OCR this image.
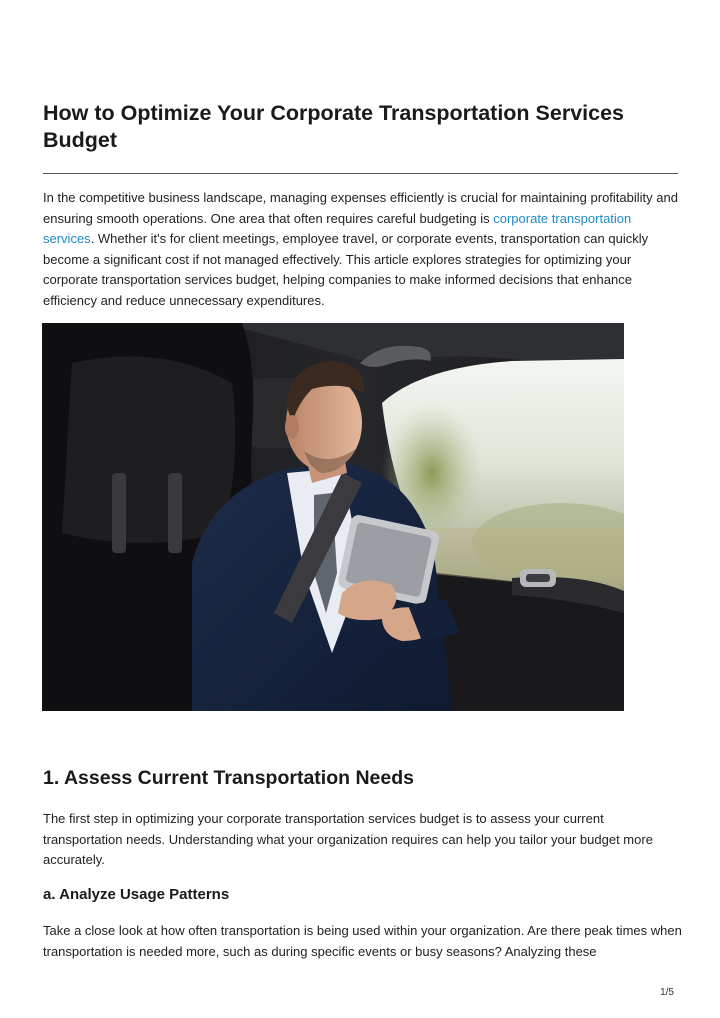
How to Optimize Your Corporate Transportation Services Budget

In the competitive business landscape, managing expenses efficiently is crucial for maintaining profitability and ensuring smooth operations. One area that often requires careful budgeting is corporate transportation services. Whether it's for client meetings, employee travel, or corporate events, transportation can quickly become a significant cost if not managed effectively. This article explores strategies for optimizing your corporate transportation services budget, helping companies to make informed decisions that enhance efficiency and reduce unnecessary expenditures.

1. Assess Current Transportation Needs

The first step in optimizing your corporate transportation services budget is to assess your current transportation needs. Understanding what your organization requires can help you tailor your budget more accurately.

a. Analyze Usage Patterns

Take a close look at how often transportation is being used within your organization. Are there peak times when transportation is needed more, such as during specific events or busy seasons? Analyzing these

1/5
